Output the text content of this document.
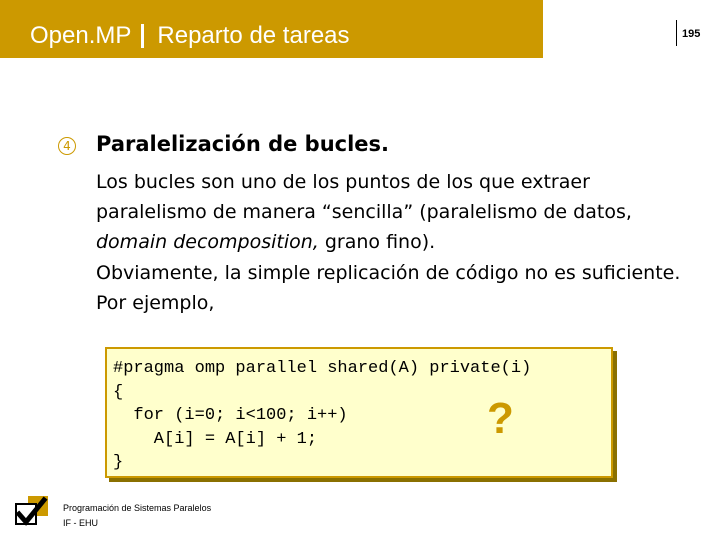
Open.MP Reparto de tareas	195
4 Paralelización de bucles.
Los bucles son uno de los puntos de los que extraer paralelismo de manera “sencilla” (paralelismo de datos, domain decomposition, grano fino).
Obviamente, la simple replicación de código no es suficiente. Por ejemplo,
#pragma omp parallel shared(A) private(i)
{
for (i=0; i<100; i++)
A[i] = A[i] + 1;
}
?
Programación de Sistemas Paralelos
IF - EHU
